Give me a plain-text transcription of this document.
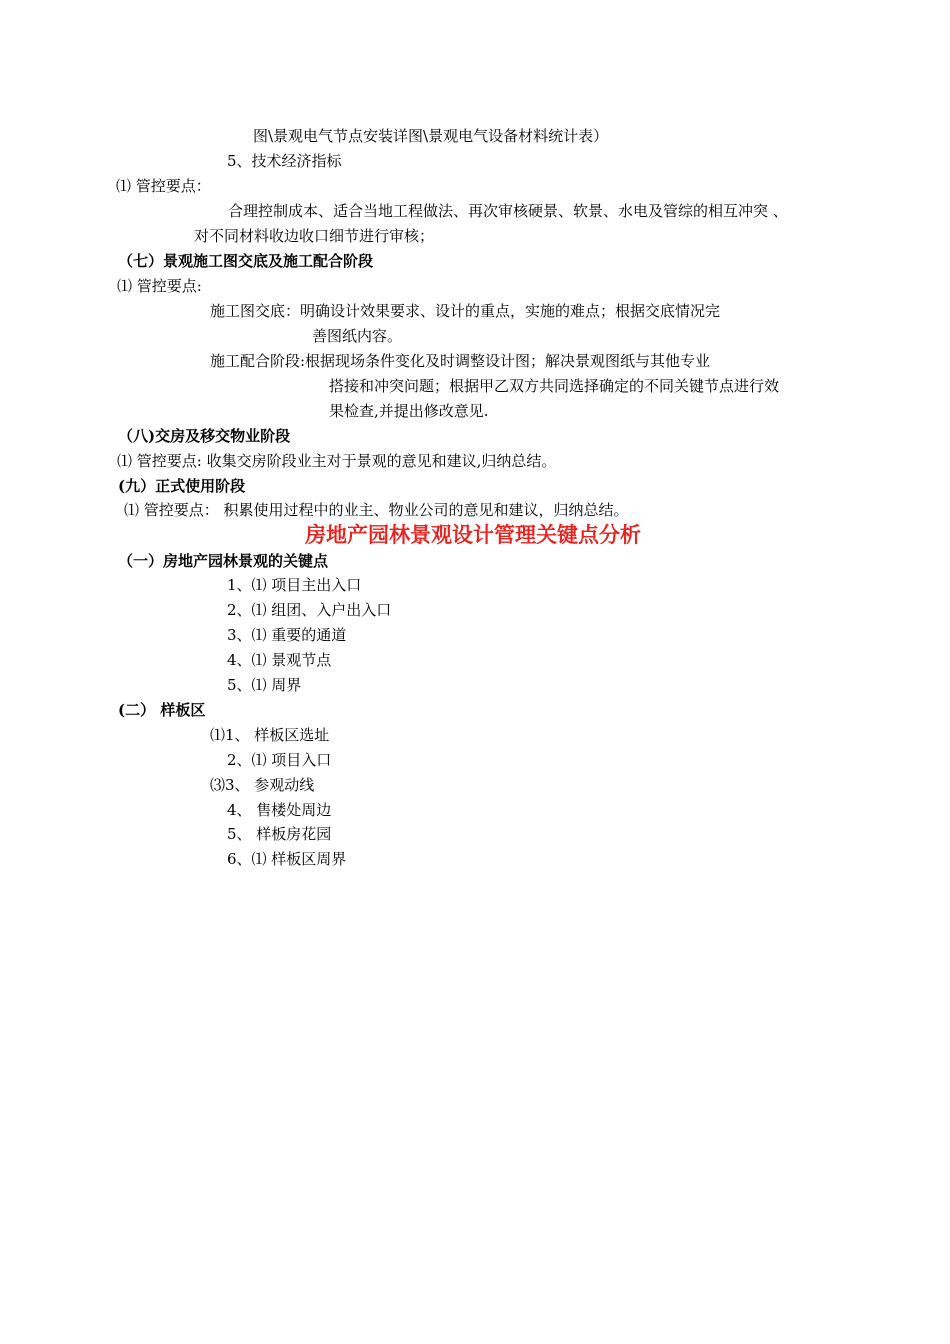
图\景观电气节点安装详图\景观电气设备材料统计表）
5、技术经济指标
⑴ 管控要点：
合理控制成本、适合当地工程做法、再次审核硬景、软景、水电及管综的相互冲突 、
对不同材料收边收口细节进行审核；
（七）景观施工图交底及施工配合阶段
⑴ 管控要点:
施工图交底：明确设计效果要求、设计的重点，实施的难点；根据交底情况完
善图纸内容。
施工配合阶段:根据现场条件变化及时调整设计图；解决景观图纸与其他专业
搭接和冲突问题；根据甲乙双方共同选择确定的不同关键节点进行效
果检查,并提出修改意见.
（八)交房及移交物业阶段
⑴ 管控要点: 收集交房阶段业主对于景观的意见和建议,归纳总结。
(九）正式使用阶段
⑴ 管控要点： 积累使用过程中的业主、物业公司的意见和建议，归纳总结。
房地产园林景观设计管理关键点分析
（一）房地产园林景观的关键点
1、⑴ 项目主出入口
2、⑴ 组团、入户出入口
3、⑴ 重要的通道
4、⑴ 景观节点
5、⑴ 周界
(二） 样板区
⑴1、 样板区选址
2、⑴ 项目入口
⑶3、 参观动线
4、 售楼处周边
5、 样板房花园
6、⑴ 样板区周界
